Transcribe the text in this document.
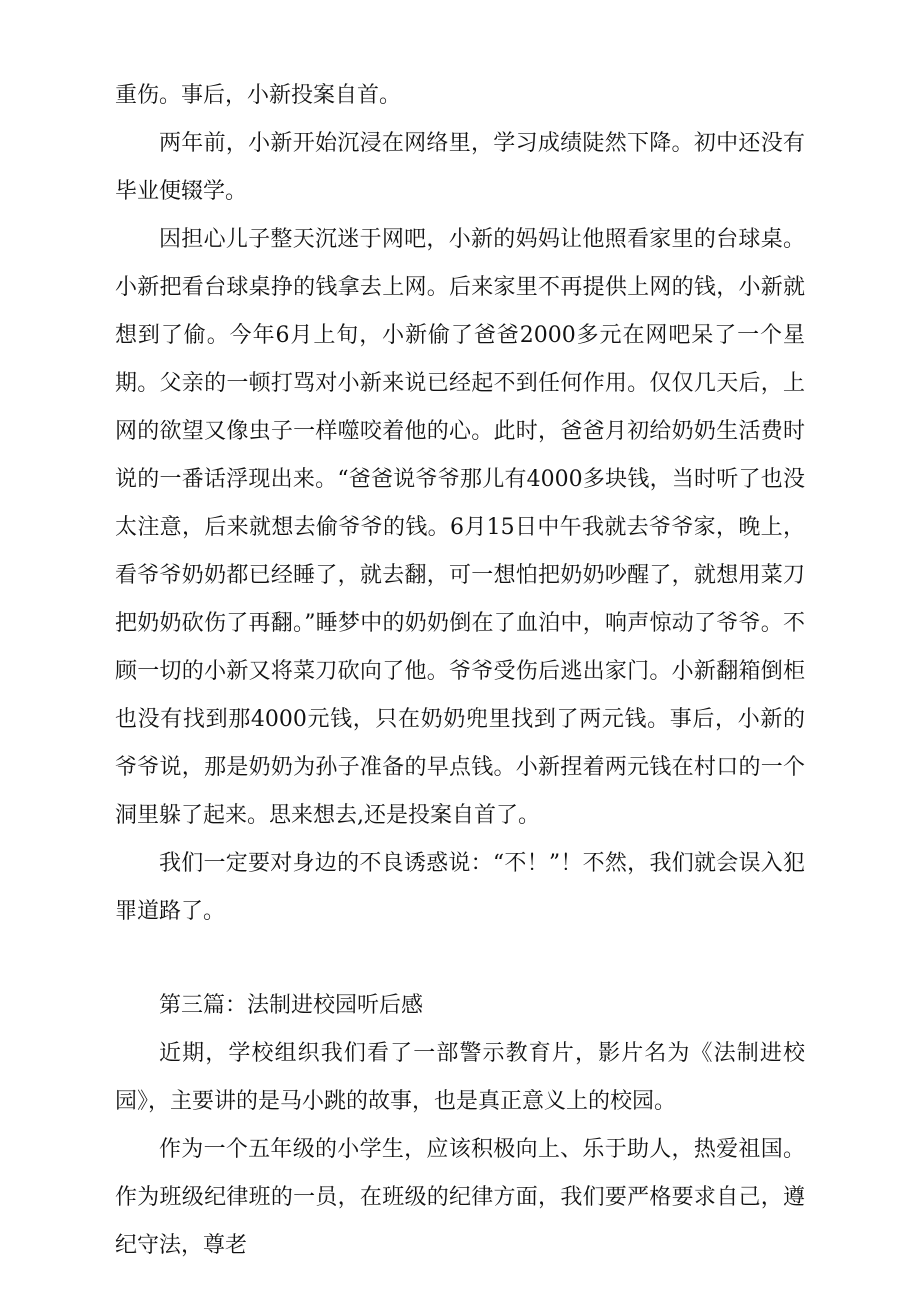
重伤。事后，小新投案自首。

两年前，小新开始沉浸在网络里，学习成绩陡然下降。初中还没有毕业便辍学。

因担心儿子整天沉迷于网吧，小新的妈妈让他照看家里的台球桌。小新把看台球桌挣的钱拿去上网。后来家里不再提供上网的钱，小新就想到了偷。今年6月上旬，小新偷了爸爸2000多元在网吧呆了一个星期。父亲的一顿打骂对小新来说已经起不到任何作用。仅仅几天后，上网的欲望又像虫子一样噬咬着他的心。此时，爸爸月初给奶奶生活费时说的一番话浮现出来。“爸爸说爷爷那儿有4000多块钱，当时听了也没太注意，后来就想去偷爷爷的钱。6月15日中午我就去爷爷家，晚上，看爷爷奶奶都已经睡了，就去翻，可一想怕把奶奶吵醒了，就想用菜刀把奶奶砍伤了再翻。”睡梦中的奶奶倒在了血泊中，响声惊动了爷爷。不顾一切的小新又将菜刀砍向了他。爷爷受伤后逃出家门。小新翻箱倒柜也没有找到那4000元钱，只在奶奶兜里找到了两元钱。事后，小新的爷爷说，那是奶奶为孙子准备的早点钱。小新捏着两元钱在村口的一个洞里躲了起来。思来想去,还是投案自首了。

我们一定要对身边的不良诱惑说：“不！”！不然，我们就会误入犯罪道路了。

第三篇：法制进校园听后感

近期，学校组织我们看了一部警示教育片，影片名为《法制进校园》，主要讲的是马小跳的故事，也是真正意义上的校园。

作为一个五年级的小学生，应该积极向上、乐于助人，热爱祖国。作为班级纪律班的一员，在班级的纪律方面，我们要严格要求自己，遵纪守法，尊老
